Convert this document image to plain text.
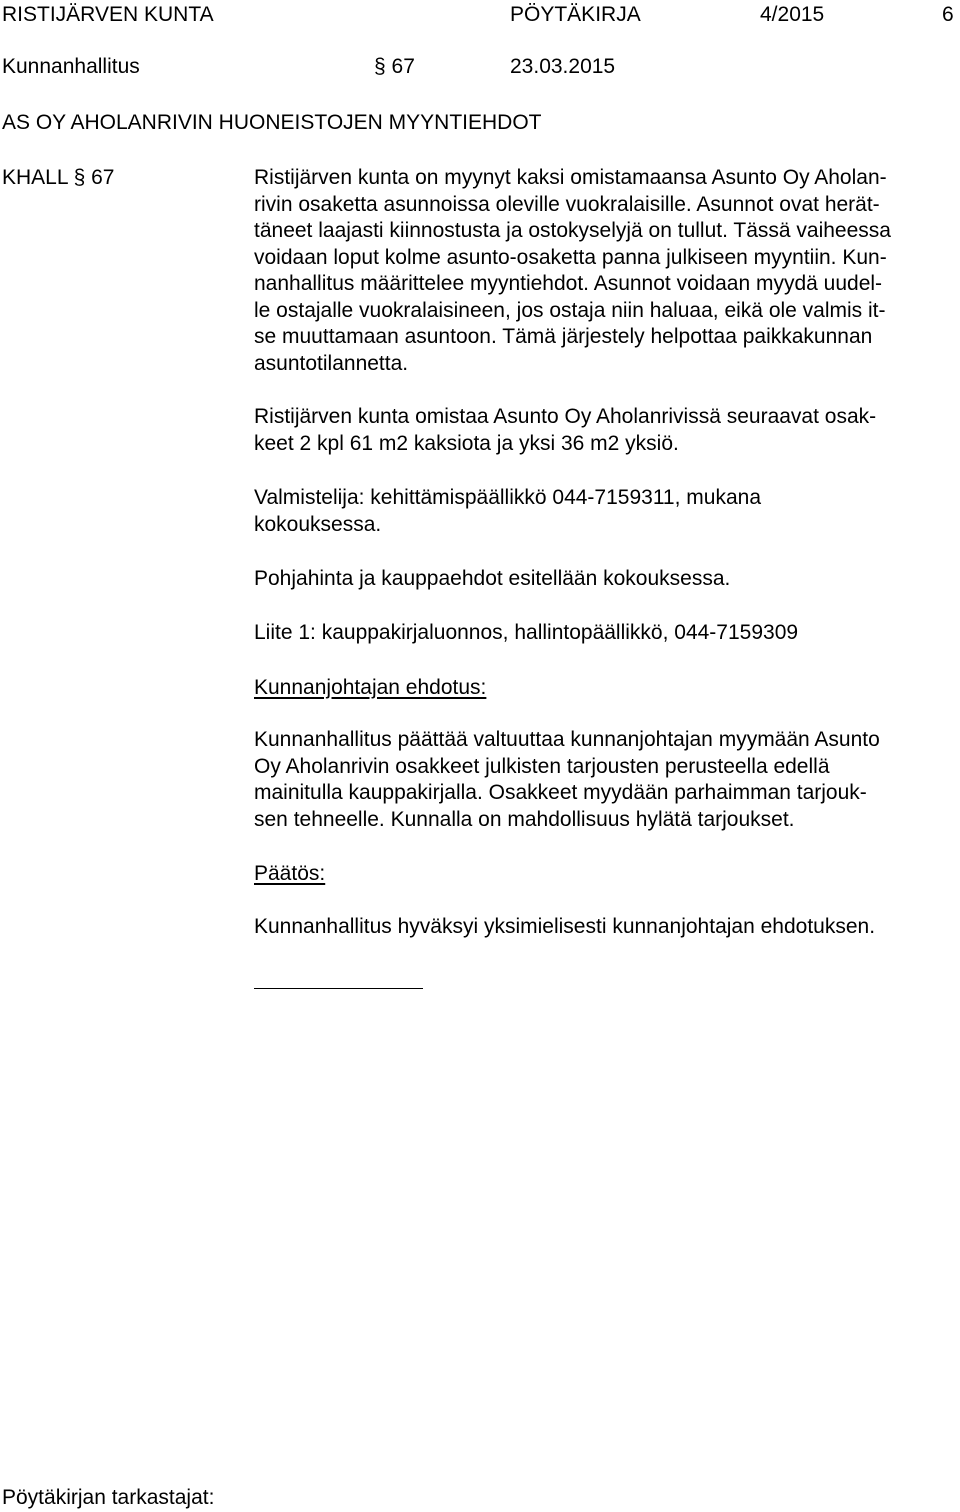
RISTIJÄRVEN KUNTA	PÖYTÄKIRJA	4/2015	6
Kunnanhallitus	§ 67	23.03.2015
AS OY AHOLANRIVIN HUONEISTOJEN MYYNTIEHDOT
KHALL § 67	Ristijärven kunta on myynyt kaksi omistamaansa Asunto Oy Aholan-
rivin osaketta asunnoissa oleville vuokralaisille. Asunnot ovat herät-
täneet laajasti kiinnostusta ja ostokyselyjä on tullut. Tässä vaiheessa
voidaan loput kolme asunto-osaketta panna julkiseen myyntiin. Kun-
nanhallitus määrittelee myyntiehdot. Asunnot voidaan myydä uudel-
le ostajalle vuokralaisineen, jos ostaja niin haluaa, eikä ole valmis it-
se muuttamaan asuntoon. Tämä järjestely helpottaa paikkakunnan
asuntotilannetta.
Ristijärven kunta omistaa Asunto Oy Aholanrivissä seuraavat osak-
keet 2 kpl 61 m2 kaksiota ja yksi 36 m2 yksiö.
Valmistelija: kehittämispäällikkö 044-7159311, mukana
kokouksessa.
Pohjahinta ja kauppaehdot esitellään kokouksessa.
Liite 1: kauppakirjaluonnos, hallintopäällikkö, 044-7159309
Kunnanjohtajan ehdotus:
Kunnanhallitus päättää valtuuttaa kunnanjohtajan myymään Asunto
Oy Aholanrivin osakkeet julkisten tarjousten perusteella edellä
mainitulla kauppakirjalla. Osakkeet myydään parhaimman tarjouk-
sen tehneelle. Kunnalla on mahdollisuus hylätä tarjoukset.
Päätös:
Kunnanhallitus hyväksyi yksimielisesti kunnanjohtajan ehdotuksen.
Pöytäkirjan tarkastajat:
